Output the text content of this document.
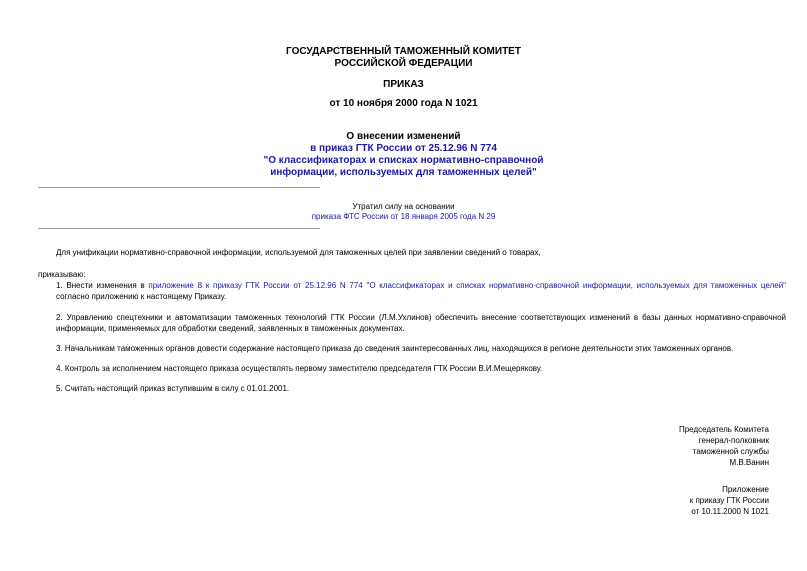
ГОСУДАРСТВЕННЫЙ ТАМОЖЕННЫЙ КОМИТЕТ
РОССИЙСКОЙ ФЕДЕРАЦИИ
ПРИКАЗ
от 10 ноября 2000 года N 1021
О внесении изменений
в приказ ГТК России от 25.12.96 N 774
"О классификаторах и списках нормативно-справочной
информации, используемых для таможенных целей"
Утратил силу на основании
приказа ФТС России от 18 января 2005 года N 29
Для унификации нормативно-справочной информации, используемой для таможенных целей при заявлении сведений о товарах,
приказываю:
1. Внести изменения в приложение 8 к приказу ГТК России от 25.12.96 N 774 "О классификаторах и списках нормативно-справочной информации, используемых для таможенных целей" согласно приложению к настоящему Приказу.
2. Управлению спецтехники и автоматизации таможенных технологий ГТК России (Л.М.Ухлинов) обеспечить внесение соответствующих изменений в базы данных нормативно-справочной информации, применяемых для обработки сведений, заявленных в таможенных документах.
3. Начальникам таможенных органов довести содержание настоящего приказа до сведения заинтересованных лиц, находящихся в регионе деятельности этих таможенных органов.
4. Контроль за исполнением настоящего приказа осуществлять первому заместителю председателя ГТК России В.И.Мещерякову.
5. Считать настоящий приказ вступившим в силу с 01.01.2001.
Председатель Комитета
генерал-полковник
таможенной службы
М.В.Ванин
Приложение
к приказу ГТК России
от 10.11.2000 N 1021
